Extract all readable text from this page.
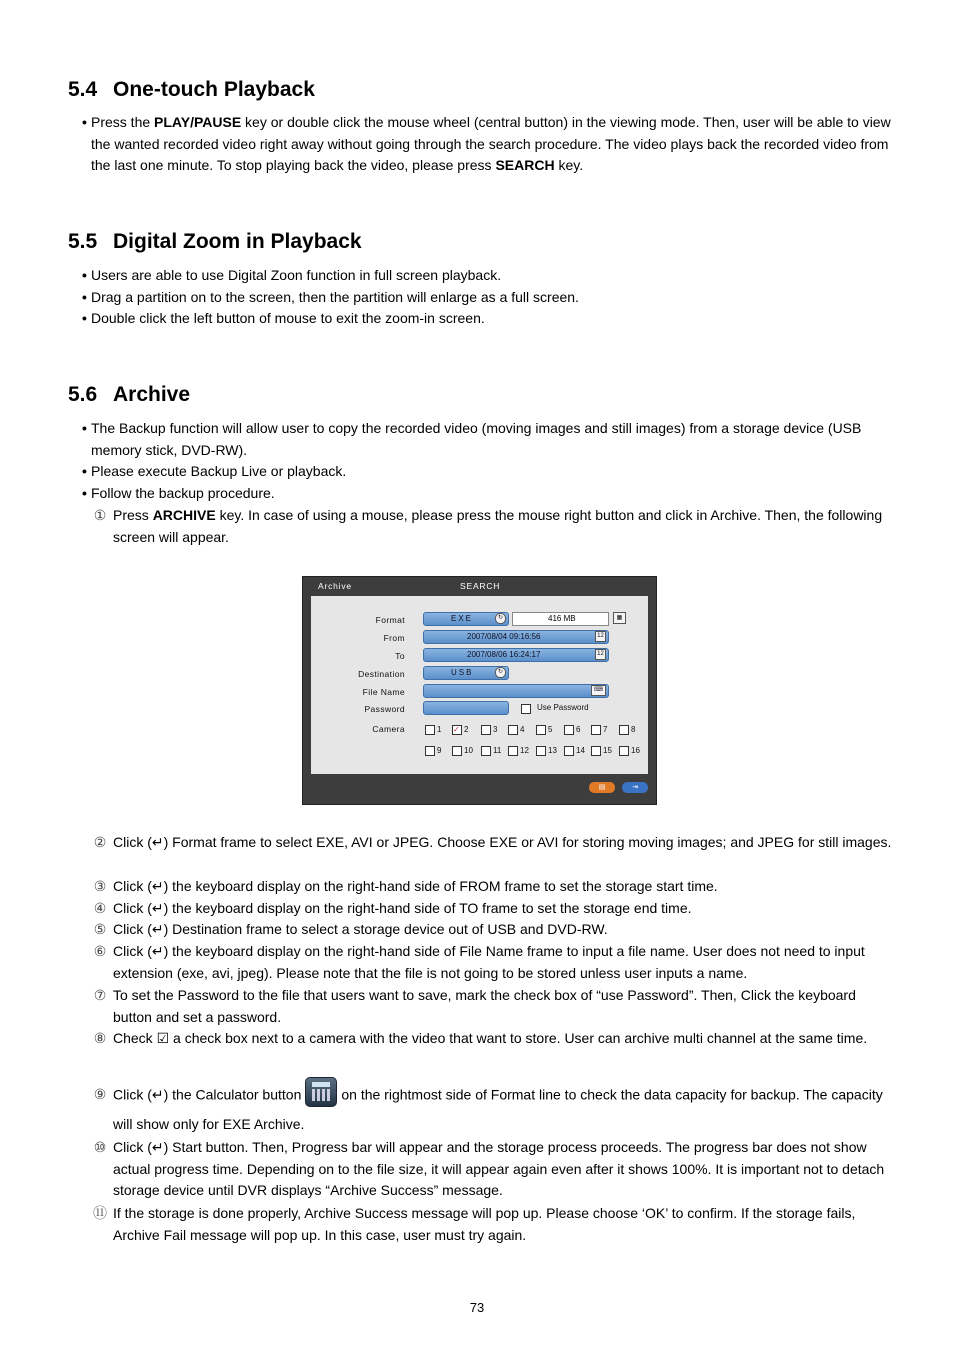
5.4 One-touch Playback

• Press the PLAY/PAUSE key or double click the mouse wheel (central button) in the viewing mode. Then, user will be able to view the wanted recorded video right away without going through the search procedure. The video plays back the recorded video from the last one minute. To stop playing back the video, please press SEARCH key.

5.5 Digital Zoom in Playback

• Users are able to use Digital Zoon function in full screen playback.

• Drag a partition on to the screen, then the partition will enlarge as a full screen.

• Double click the left button of mouse to exit the zoom-in screen.

5.6 Archive

• The Backup function will allow user to copy the recorded video (moving images and still images) from a storage device (USB memory stick, DVD-RW).

• Please execute Backup Live or playback.

• Follow the backup procedure.

① Press ARCHIVE key. In case of using a mouse, please press the mouse right button and click in Archive. Then, the following screen will appear.

Archive	SEARCH
Format
From
To
Destination
File Name
Password
Camera
EXE	↻	416 MB	▦
2007/08/04 09:16:56	12
2007/08/06 16:24:17	12
USB	↻
⌨
Use Password
1 ✓ 2	3	4	5	6	7	8
9	10	11 12 13 14 15 16
▤	⇥

② Click (↵) Format frame to select EXE, AVI or JPEG. Choose EXE or AVI for storing moving images; and JPEG for still images.

③ Click (↵) the keyboard display on the right-hand side of FROM frame to set the storage start time.

④ Click (↵) the keyboard display on the right-hand side of TO frame to set the storage end time.

⑤ Click (↵) Destination frame to select a storage device out of USB and DVD-RW.

⑥ Click (↵) the keyboard display on the right-hand side of File Name frame to input a file name. User does not need to input extension (exe, avi, jpeg). Please note that the file is not going to be stored unless user inputs a name.

⑦ To set the Password to the file that users want to save, mark the check box of “use Password”. Then, Click the keyboard button and set a password.

⑧ Check ☑ a check box next to a camera with the video that want to store. User can archive multi channel at the same time.

⑨ Click (↵) the Calculator button	on the rightmost side of Format line to check the data capacity for backup. The capacity will show only for EXE Archive.

⑩ Click (↵) Start button. Then, Progress bar will appear and the storage process proceeds. The progress bar does not show actual progress time. Depending on to the file size, it will appear again even after it shows 100%. It is important not to detach storage device until DVR displays “Archive Success” message.

⑪ If the storage is done properly, Archive Success message will pop up. Please choose ‘OK’ to confirm. If the storage fails, Archive Fail message will pop up. In this case, user must try again.

73
